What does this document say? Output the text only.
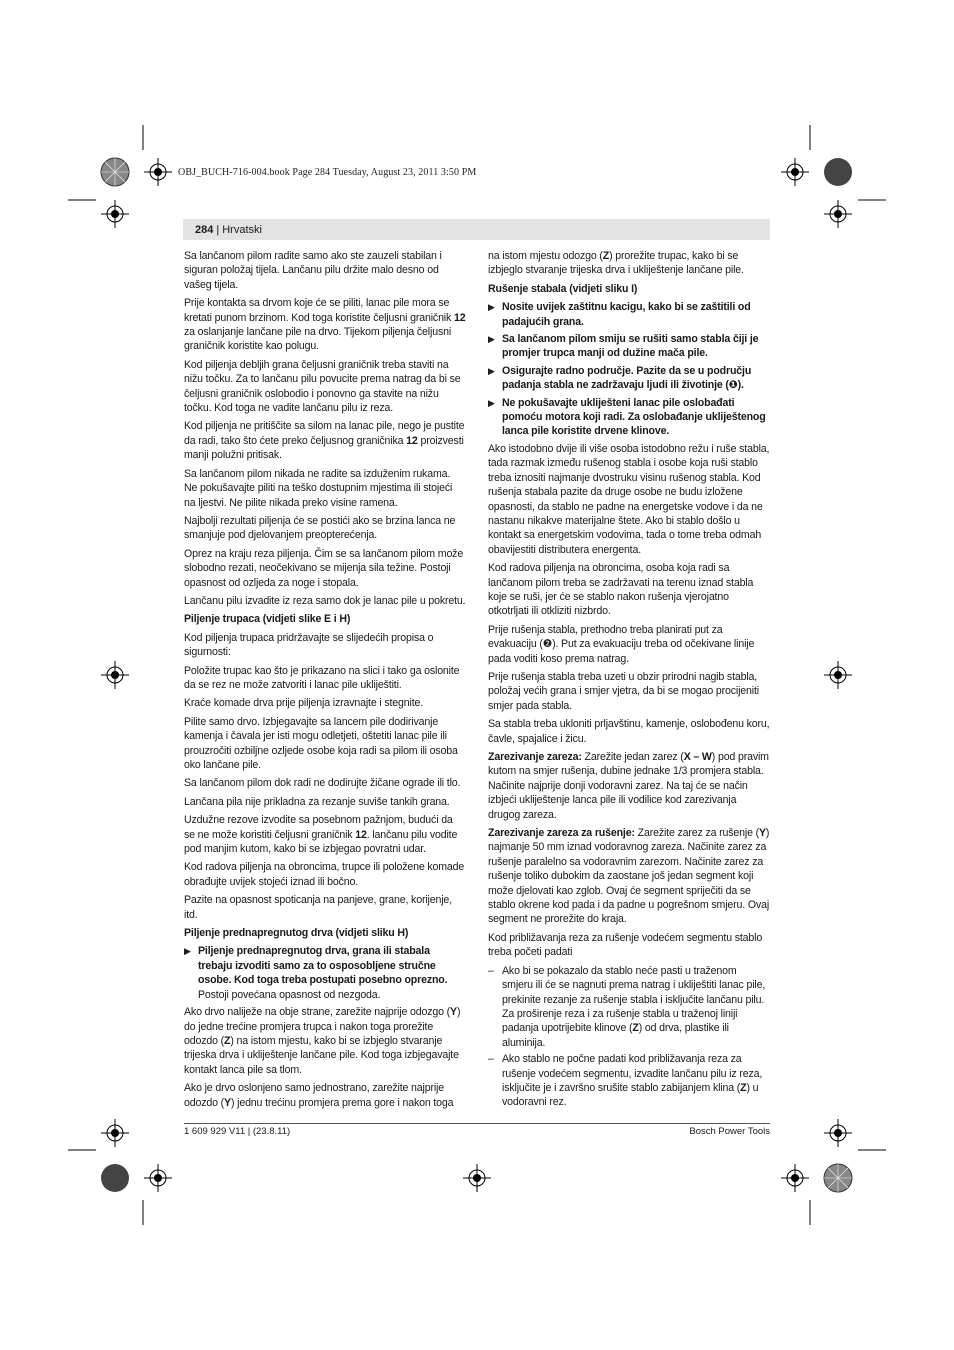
OBJ_BUCH-716-004.book Page 284 Tuesday, August 23, 2011 3:50 PM
284 | Hrvatski

Sa lančanom pilom radite samo ako ste zauzeli stabilan i siguran položaj tijela. Lančanu pilu držite malo desno od vašeg tijela.

Prije kontakta sa drvom koje će se piliti, lanac pile mora se kretati punom brzinom. Kod toga koristite čeljusni graničnik 12 za oslanjanje lančane pile na drvo. Tijekom piljenja čeljusni graničnik koristite kao polugu.

Kod piljenja debljih grana čeljusni graničnik treba staviti na nižu točku. Za to lančanu pilu povucite prema natrag da bi se čeljusni graničnik oslobodio i ponovno ga stavite na nižu točku. Kod toga ne vadite lančanu pilu iz reza.

Kod piljenja ne pritiščite sa silom na lanac pile, nego je pustite da radi, tako što ćete preko čeljusnog graničnika 12 proizvesti manji polužni pritisak.

Sa lančanom pilom nikada ne radite sa izduženim rukama. Ne pokušavajte piliti na teško dostupnim mjestima ili stojeći na ljestvi. Ne pilite nikada preko visine ramena.

Najbolji rezultati piljenja će se postići ako se brzina lanca ne smanjuje pod djelovanjem preopterećenja.

Oprez na kraju reza piljenja. Čim se sa lančanom pilom može slobodno rezati, neočekivano se mijenja sila težine. Postoji opasnost od ozljeda za noge i stopala.

Lančanu pilu izvadite iz reza samo dok je lanac pile u pokretu.

Piljenje trupaca (vidjeti slike E i H)

Kod piljenja trupaca pridržavajte se slijedećih propisa o sigurnosti:

Položite trupac kao što je prikazano na slici i tako ga oslonite da se rez ne može zatvoriti i lanac pile ukliještiti.

Kraće komade drva prije piljenja izravnajte i stegnite.

Pilite samo drvo. Izbjegavajte sa lancem pile dodirivanje kamenja i čavala jer isti mogu odletjeti, oštetiti lanac pile ili prouzročiti ozbiljne ozljede osobe koja radi sa pilom ili osoba oko lančane pile.

Sa lančanom pilom dok radi ne dodirujte žičane ograde ili tlo.

Lančana pila nije prikladna za rezanje suviše tankih grana.

Uzdužne rezove izvodite sa posebnom pažnjom, budući da se ne može koristiti čeljusni graničnik 12. lančanu pilu vodite pod manjim kutom, kako bi se izbjegao povratni udar.

Kod radova piljenja na obroncima, trupce ili položene komade obrađujte uvijek stojeći iznad ili bočno.

Pazite na opasnost spoticanja na panjeve, grane, korijenje, itd.

Piljenje prednapregnutog drva (vidjeti sliku H)
▶ Piljenje prednapregnutog drva, grana ili stabala trebaju izvoditi samo za to osposobljene stručne osobe. Kod toga treba postupati posebno oprezno. Postoji povećana opasnost od nezgoda.

Ako drvo naliježe na obje strane, zarežite najprije odozgo (Y) do jedne trećine promjera trupca i nakon toga prorežite odozdo (Z) na istom mjestu, kako bi se izbjeglo stvaranje trijeska drva i ukliještenje lančane pile. Kod toga izbjegavajte kontakt lanca pile sa tlom.

Ako je drvo oslonjeno samo jednostrano, zarežite najprije odozdo (Y) jednu trećinu promjera prema gore i nakon toga

na istom mjestu odozgo (Z) prorežite trupac, kako bi se izbjeglo stvaranje trijeska drva i ukliještenje lančane pile.

Rušenje stabala (vidjeti sliku I)
▶ Nosite uvijek zaštitnu kacigu, kako bi se zaštitili od padajućih grana.
▶ Sa lančanom pilom smiju se rušiti samo stabla čiji je promjer trupca manji od dužine mača pile.
▶ Osigurajte radno područje. Pazite da se u području padanja stabla ne zadržavaju ljudi ili životinje (❶).
▶ Ne pokušavajte ukliješteni lanac pile oslobađati pomoću motora koji radi. Za oslobađanje ukliještenog lanca pile koristite drvene klinove.

Ako istodobno dvije ili više osoba istodobno režu i ruše stabla, tada razmak između rušenog stabla i osobe koja ruši stablo treba iznositi najmanje dvostruku visinu rušenog stabla. Kod rušenja stabala pazite da druge osobe ne budu izložene opasnosti, da stablo ne padne na energetske vodove i da ne nastanu nikakve materijalne štete. Ako bi stablo došlo u kontakt sa energetskim vodovima, tada o tome treba odmah obavijestiti distributera energenta.

Kod radova piljenja na obroncima, osoba koja radi sa lančanom pilom treba se zadržavati na terenu iznad stabla koje se ruši, jer će se stablo nakon rušenja vjerojatno otkotrljati ili otkliziti nizbrdo.

Prije rušenja stabla, prethodno treba planirati put za evakuaciju (❷). Put za evakuaciju treba od očekivane linije pada voditi koso prema natrag.

Prije rušenja stabla treba uzeti u obzir prirodni nagib stabla, položaj većih grana i smjer vjetra, da bi se mogao procijeniti smjer pada stabla.

Sa stabla treba ukloniti prljavštinu, kamenje, oslobođenu koru, čavle, spajalice i žicu.

Zarezivanje zareza: Zarežite jedan zarez (X – W) pod pravim kutom na smjer rušenja, dubine jednake 1/3 promjera stabla. Načinite najprije donji vodoravni zarez. Na taj će se način izbjeći ukliještenje lanca pile ili vodilice kod zarezivanja drugog zareza.

Zarezivanje zareza za rušenje: Zarežite zarez za rušenje (Y) najmanje 50 mm iznad vodoravnog zareza. Načinite zarez za rušenje paralelno sa vodoravnim zarezom. Načinite zarez za rušenje toliko dubokim da zaostane još jedan segment koji može djelovati kao zglob. Ovaj će segment spriječiti da se stablo okrene kod pada i da padne u pogrešnom smjeru. Ovaj segment ne prorežite do kraja.

Kod približavanja reza za rušenje vodećem segmentu stablo treba početi padati

– Ako bi se pokazalo da stablo neće pasti u traženom smjeru ili će se nagnuti prema natrag i ukliještiti lanac pile, prekinite rezanje za rušenje stabla i isključite lančanu pilu. Za proširenje reza i za rušenje stabla u traženoj liniji padanja upotrijebite klinove (Z) od drva, plastike ili aluminija.
– Ako stablo ne počne padati kod približavanja reza za rušenje vodećem segmentu, izvadite lančanu pilu iz reza, isključite je i završno srušite stablo zabijanjem klina (Z) u vodoravni rez.
1 609 929 V11 | (23.8.11)	Bosch Power Tools
